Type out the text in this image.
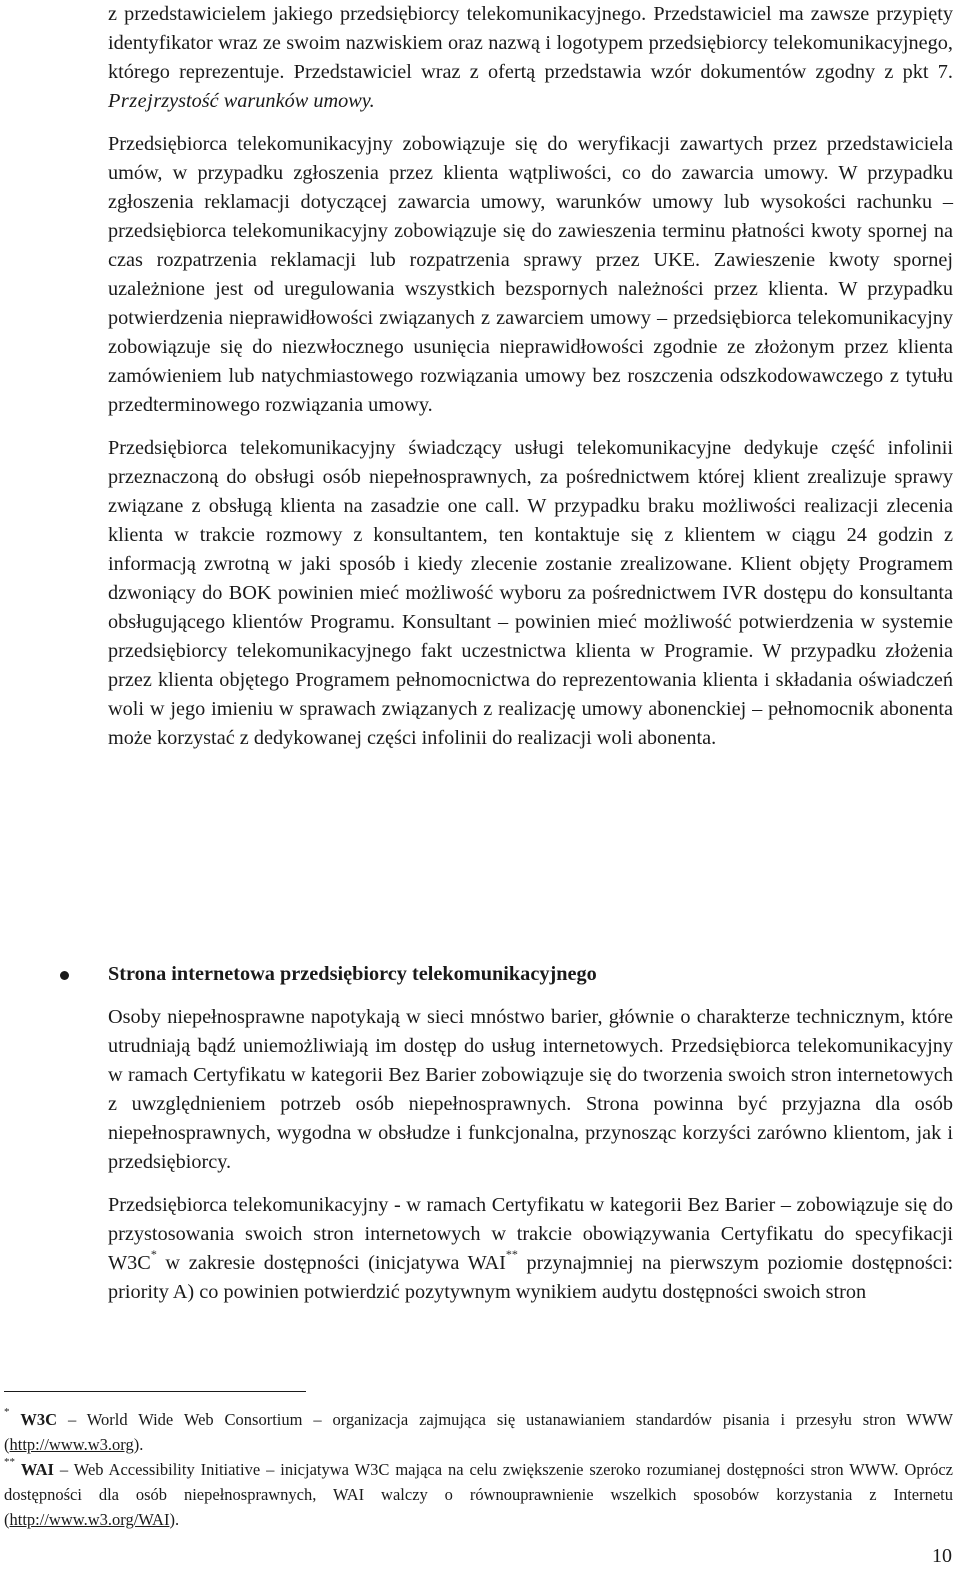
z przedstawicielem jakiego przedsiębiorcy telekomunikacyjnego. Przedstawiciel ma zawsze przypięty identyfikator wraz ze swoim nazwiskiem oraz nazwą i logotypem przedsiębiorcy telekomunikacyjnego, którego reprezentuje. Przedstawiciel wraz z ofertą przedstawia wzór dokumentów zgodny z pkt 7. Przejrzystość warunków umowy.

Przedsiębiorca telekomunikacyjny zobowiązuje się do weryfikacji zawartych przez przedstawiciela umów, w przypadku zgłoszenia przez klienta wątpliwości, co do zawarcia umowy. W przypadku zgłoszenia reklamacji dotyczącej zawarcia umowy, warunków umowy lub wysokości rachunku – przedsiębiorca telekomunikacyjny zobowiązuje się do zawieszenia terminu płatności kwoty spornej na czas rozpatrzenia reklamacji lub rozpatrzenia sprawy przez UKE. Zawieszenie kwoty spornej uzależnione jest od uregulowania wszystkich bezspornych należności przez klienta. W przypadku potwierdzenia nieprawidłowości związanych z zawarciem umowy – przedsiębiorca telekomunikacyjny zobowiązuje się do niezwłocznego usunięcia nieprawidłowości zgodnie ze złożonym przez klienta zamówieniem lub natychmiastowego rozwiązania umowy bez roszczenia odszkodowawczego z tytułu przedterminowego rozwiązania umowy.

Przedsiębiorca telekomunikacyjny świadczący usługi telekomunikacyjne dedykuje część infolinii przeznaczoną do obsługi osób niepełnosprawnych, za pośrednictwem której klient zrealizuje sprawy związane z obsługą klienta na zasadzie one call. W przypadku braku możliwości realizacji zlecenia klienta w trakcie rozmowy z konsultantem, ten kontaktuje się z klientem w ciągu 24 godzin z informacją zwrotną w jaki sposób i kiedy zlecenie zostanie zrealizowane. Klient objęty Programem dzwoniący do BOK powinien mieć możliwość wyboru za pośrednictwem IVR dostępu do konsultanta obsługującego klientów Programu. Konsultant – powinien mieć możliwość potwierdzenia w systemie przedsiębiorcy telekomunikacyjnego fakt uczestnictwa klienta w Programie. W przypadku złożenia przez klienta objętego Programem pełnomocnictwa do reprezentowania klienta i składania oświadczeń woli w jego imieniu w sprawach związanych z realizację umowy abonenckiej – pełnomocnik abonenta może korzystać z dedykowanej części infolinii do realizacji woli abonenta.

Strona internetowa przedsiębiorcy telekomunikacyjnego

Osoby niepełnosprawne napotykają w sieci mnóstwo barier, głównie o charakterze technicznym, które utrudniają bądź uniemożliwiają im dostęp do usług internetowych. Przedsiębiorca telekomunikacyjny w ramach Certyfikatu w kategorii Bez Barier zobowiązuje się do tworzenia swoich stron internetowych z uwzględnieniem potrzeb osób niepełnosprawnych. Strona powinna być przyjazna dla osób niepełnosprawnych, wygodna w obsłudze i funkcjonalna, przynosząc korzyści zarówno klientom, jak i przedsiębiorcy.

Przedsiębiorca telekomunikacyjny - w ramach Certyfikatu w kategorii Bez Barier – zobowiązuje się do przystosowania swoich stron internetowych w trakcie obowiązywania Certyfikatu do specyfikacji W3C* w zakresie dostępności (inicjatywa WAI** przynajmniej na pierwszym poziomie dostępności: priority A) co powinien potwierdzić pozytywnym wynikiem audytu dostępności swoich stron

* W3C – World Wide Web Consortium – organizacja zajmująca się ustanawianiem standardów pisania i przesyłu stron WWW (http://www.w3.org).

** WAI – Web Accessibility Initiative – inicjatywa W3C mająca na celu zwiększenie szeroko rozumianej dostępności stron WWW. Oprócz dostępności dla osób niepełnosprawnych, WAI walczy o równouprawnienie wszelkich sposobów korzystania z Internetu (http://www.w3.org/WAI).

10
